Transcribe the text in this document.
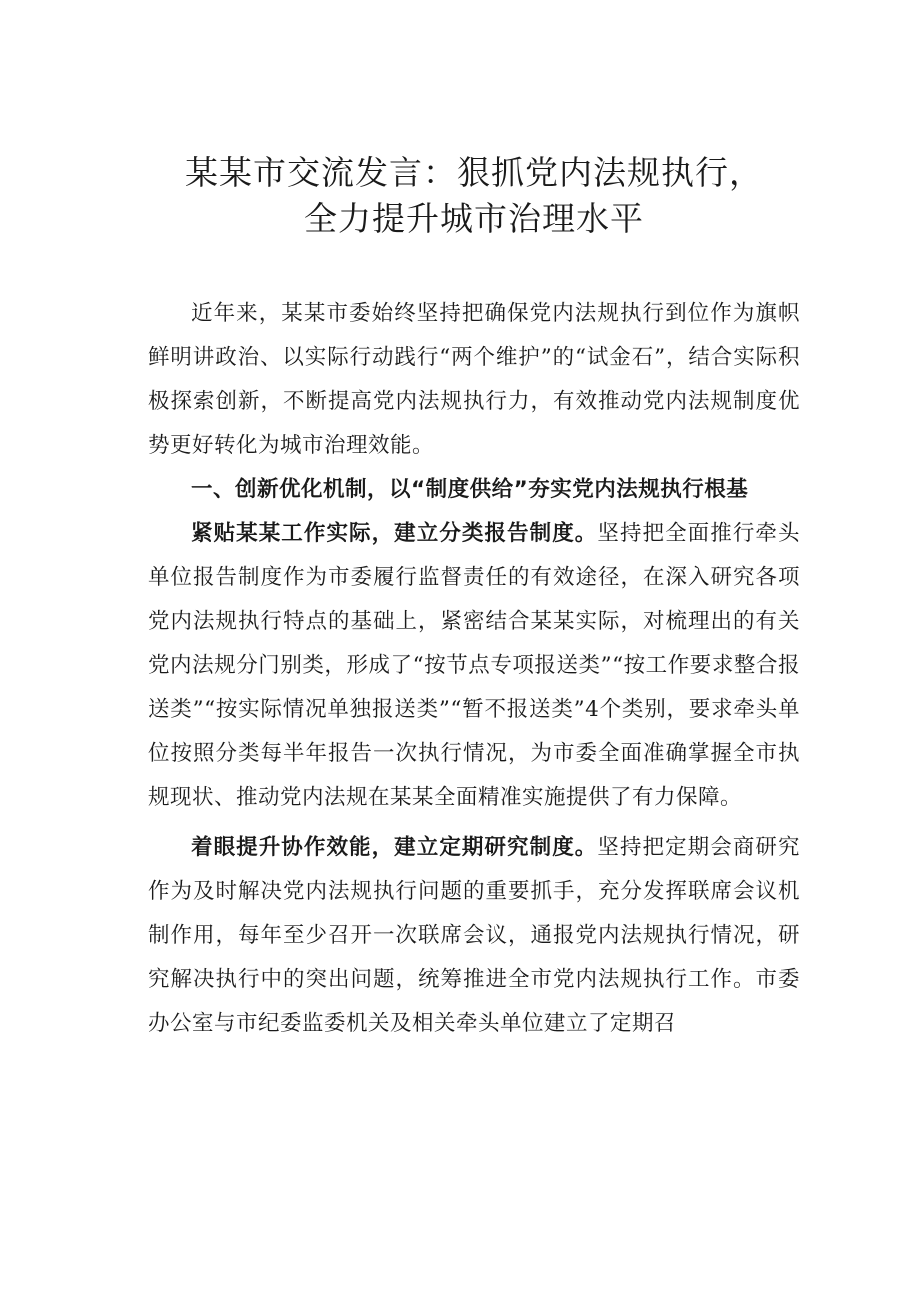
某某市交流发言：狠抓党内法规执行，
全力提升城市治理水平

近年来，某某市委始终坚持把确保党内法规执行到位作为旗帜鲜明讲政治、以实际行动践行“两个维护”的“试金石”，结合实际积极探索创新，不断提高党内法规执行力，有效推动党内法规制度优势更好转化为城市治理效能。

一、创新优化机制，以“制度供给”夯实党内法规执行根基

紧贴某某工作实际，建立分类报告制度。坚持把全面推行牵头单位报告制度作为市委履行监督责任的有效途径，在深入研究各项党内法规执行特点的基础上，紧密结合某某实际，对梳理出的有关党内法规分门别类，形成了“按节点专项报送类”“按工作要求整合报送类”“按实际情况单独报送类”“暂不报送类”4个类别，要求牵头单位按照分类每半年报告一次执行情况，为市委全面准确掌握全市执规现状、推动党内法规在某某全面精准实施提供了有力保障。

着眼提升协作效能，建立定期研究制度。坚持把定期会商研究作为及时解决党内法规执行问题的重要抓手，充分发挥联席会议机制作用，每年至少召开一次联席会议，通报党内法规执行情况，研究解决执行中的突出问题，统筹推进全市党内法规执行工作。市委办公室与市纪委监委机关及相关牵头单位建立了定期召
